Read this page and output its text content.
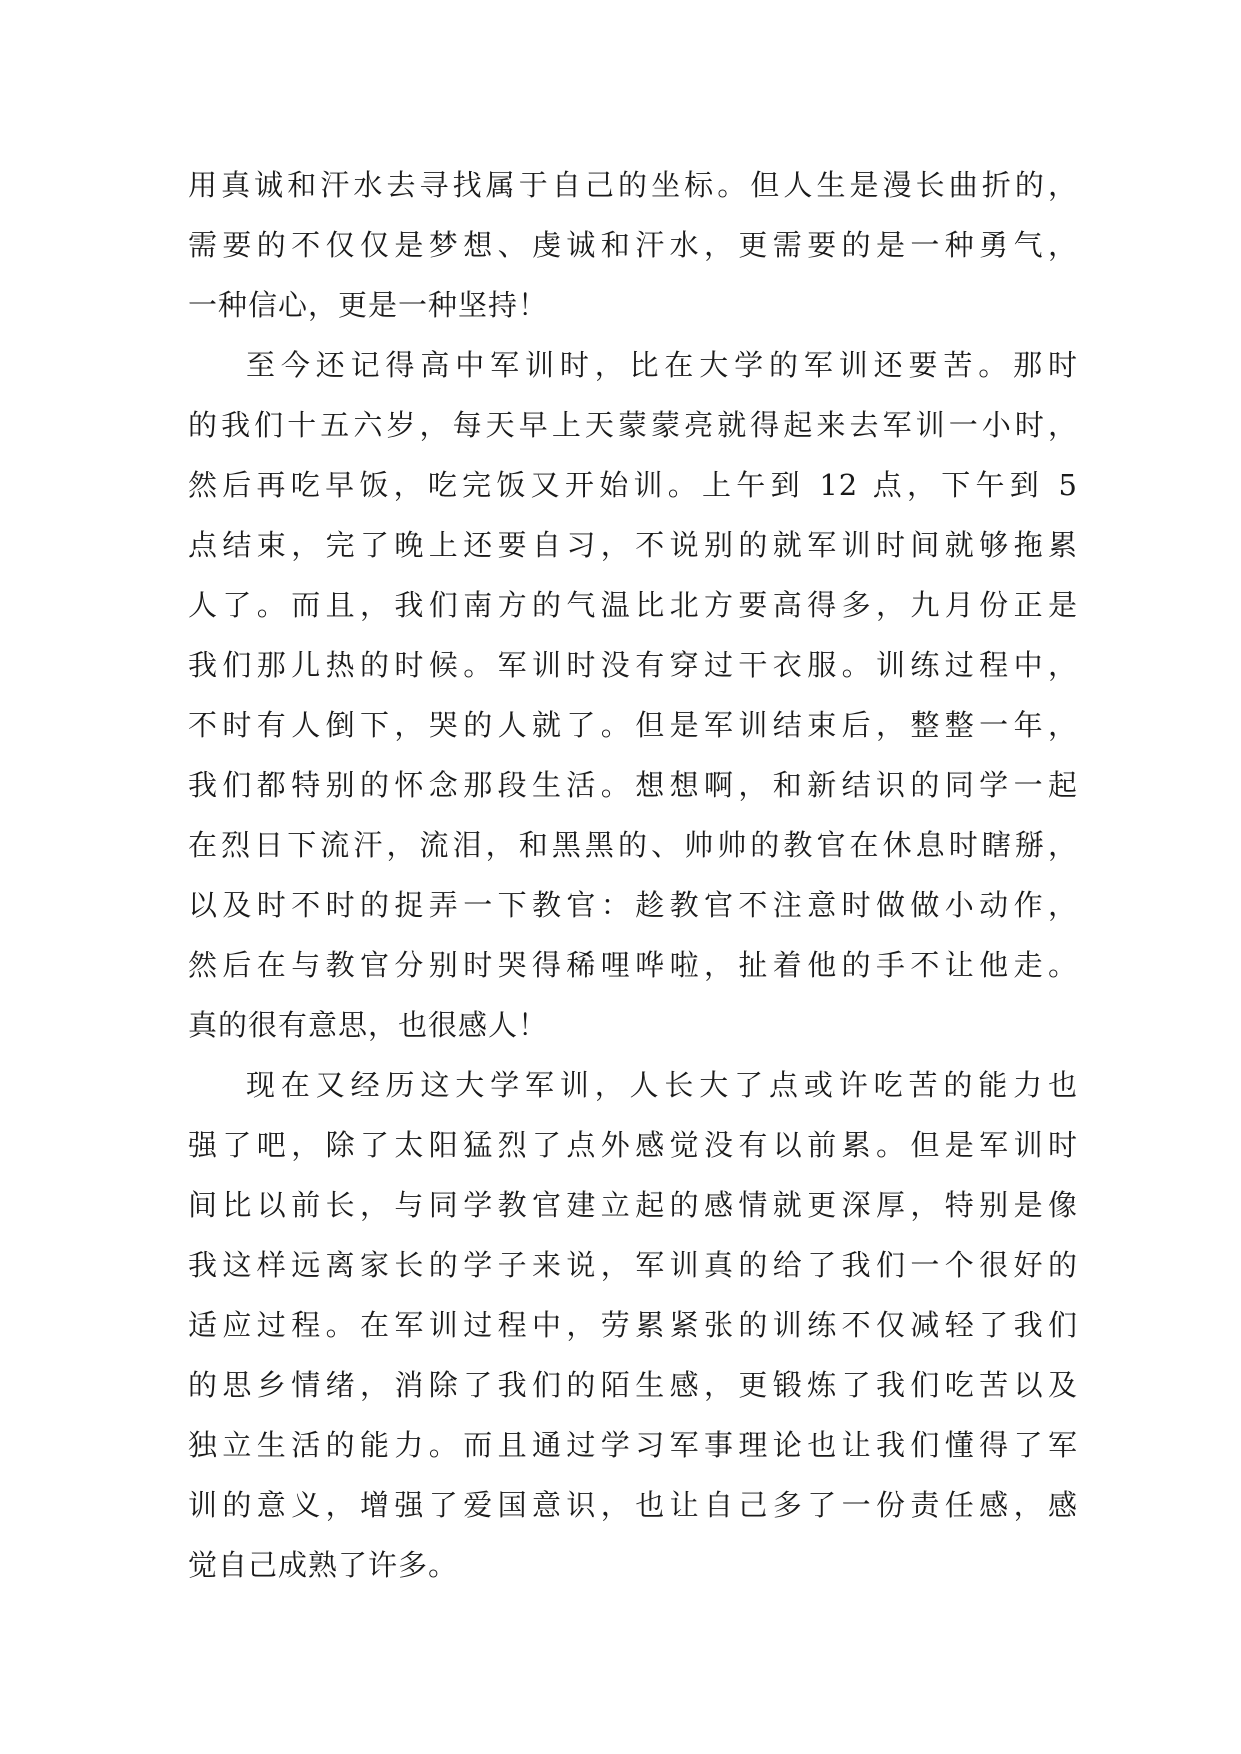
用真诚和汗水去寻找属于自己的坐标。但人生是漫长曲折的，
需要的不仅仅是梦想、虔诚和汗水，更需要的是一种勇气，
一种信心，更是一种坚持！
至今还记得高中军训时，比在大学的军训还要苦。那时
的我们十五六岁，每天早上天蒙蒙亮就得起来去军训一小时，
然后再吃早饭，吃完饭又开始训。上午到 12 点，下午到 5
点结束，完了晚上还要自习，不说别的就军训时间就够拖累
人了。而且，我们南方的气温比北方要高得多，九月份正是
我们那儿热的时候。军训时没有穿过干衣服。训练过程中，
不时有人倒下，哭的人就了。但是军训结束后，整整一年，
我们都特别的怀念那段生活。想想啊，和新结识的同学一起
在烈日下流汗，流泪，和黑黑的、帅帅的教官在休息时瞎掰，
以及时不时的捉弄一下教官：趁教官不注意时做做小动作，
然后在与教官分别时哭得稀哩哗啦，扯着他的手不让他走。
真的很有意思，也很感人！
现在又经历这大学军训，人长大了点或许吃苦的能力也
强了吧，除了太阳猛烈了点外感觉没有以前累。但是军训时
间比以前长，与同学教官建立起的感情就更深厚，特别是像
我这样远离家长的学子来说，军训真的给了我们一个很好的
适应过程。在军训过程中，劳累紧张的训练不仅减轻了我们
的思乡情绪，消除了我们的陌生感，更锻炼了我们吃苦以及
独立生活的能力。而且通过学习军事理论也让我们懂得了军
训的意义，增强了爱国意识，也让自己多了一份责任感，感
觉自己成熟了许多。
